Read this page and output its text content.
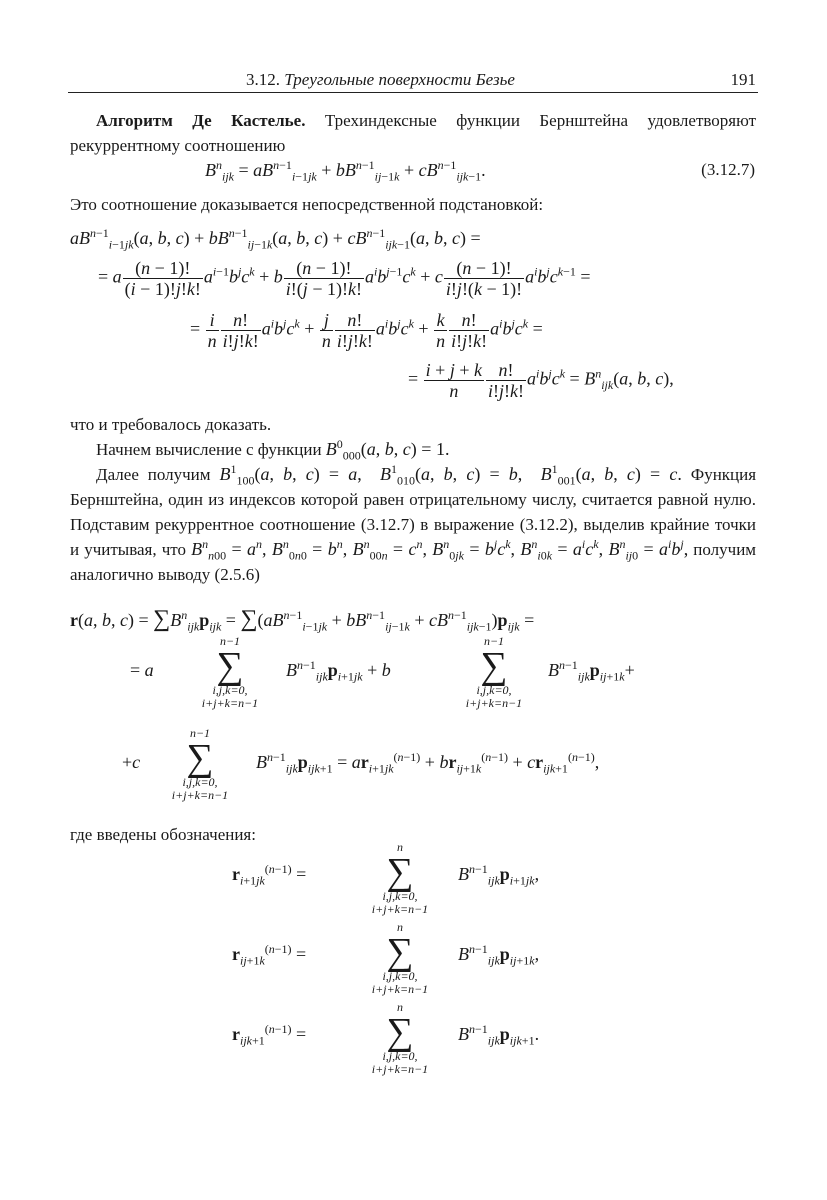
3.12. Треугольные поверхности Безье	191
Алгоритм Де Кастелье. Трехиндексные функции Бернштейна удовлетворяют рекуррентному соотношению
$B^n_{ijk} = aB^{n-1}_{i-1jk} + bB^{n-1}_{ij-1k} + cB^{n-1}_{ijk-1}$.	(3.12.7)
Это соотношение доказывается непосредственной подстановкой:
$aB^{n-1}_{i-1jk}(a$, b, $c) + bB^{n-1}_{ij-1k}(a$, b, $c) + cB^{n-1}_{ijk-1}(a$, b, c) =
= a $\frac{(n - 1)!}{(i - 1)!j!k!} a^{i-1}b^jc^k + b \frac{(n - 1)!}{i!(j - 1)!k!} a^ib^{j-1}c^k + c \frac{(n - 1)!}{i!j!(k - 1)!} a^ib^jc^{k-1}$ =
= $\frac{i}{n} \frac{n!}{i!j!k!} a^ib^jc^k + \frac{j}{n} \frac{n!}{i!j!k!} a^ib^jc^k + \frac{k}{n} \frac{n!}{i!j!k!} a^ib^jc^k$ =
= $\frac{i + j + k}{n} \frac{n!}{i!j!k!} a^ib^jc^k = B^n_{ijk}(a$, b, c),
что и требовалось доказать.
Начнем вычисление с функции $B^0_{000}(a$, b, c) = 1.
Далее получим $B^1_{100}(a$, b, c) = a,  $B^1_{010}(a$, b, c) = b,  $B^1_{001}(a$, b, c) = c. Функция Бернштейна, один из индексов которой равен отрицательному числу, считается равной нулю. Подставим рекуррентное соотношение (3.12.7) в выражение (3.12.2), выделив крайние точки и учитывая, что $B^n_{n00} = a^n$, $B^n_{0n0} = b^n$, $B^n_{00n} = c^n$, $B^n_{0jk} = b^jc^k$, $B^n_{i0k} = a^ic^k$, $B^n_{ij0} = a^ib^j$, получим аналогично выводу (2.5.6)
r(a, b, $c) = \sum B^n_{ijk}p_{ijk} = \sum(aB^{n-1}_{i-1jk} + bB^{n-1}_{ij-1k} + cB^{n-1}_{ijk-1})p_{ijk}$ =
= a
n−1
∑
i,j,k=0,
i+j+k=n−1
$B^{n-1}_{ijk}p_{i+1jk} + b$
n−1
∑
i,j,k=0,
i+j+k=n−1
$B^{n-1}_{ijk}p_{ij+1k}+$
+c
n−1
∑
i,j,k=0,
i+j+k=n−1
$B^{n-1}_{ijk}p_{ijk+1} = ar_{i+1jk}^{(n-1)} + br_{ij+1k}^{(n-1)} + cr_{ijk+1}^{(n-1)}$,
где введены обозначения:
$r_{i+1jk}^{(n-1)}$ =
n
∑
i,j,k=0,
i+j+k=n−1
$B^{n-1}_{ijk}p_{i+1jk}$,
$r_{ij+1k}^{(n-1)}$ =
n
∑
i,j,k=0,
i+j+k=n−1
$B^{n-1}_{ijk}p_{ij+1k}$,
$r_{ijk+1}^{(n-1)}$ =
n
∑
i,j,k=0,
i+j+k=n−1
$B^{n-1}_{ijk}p_{ijk+1}$.
